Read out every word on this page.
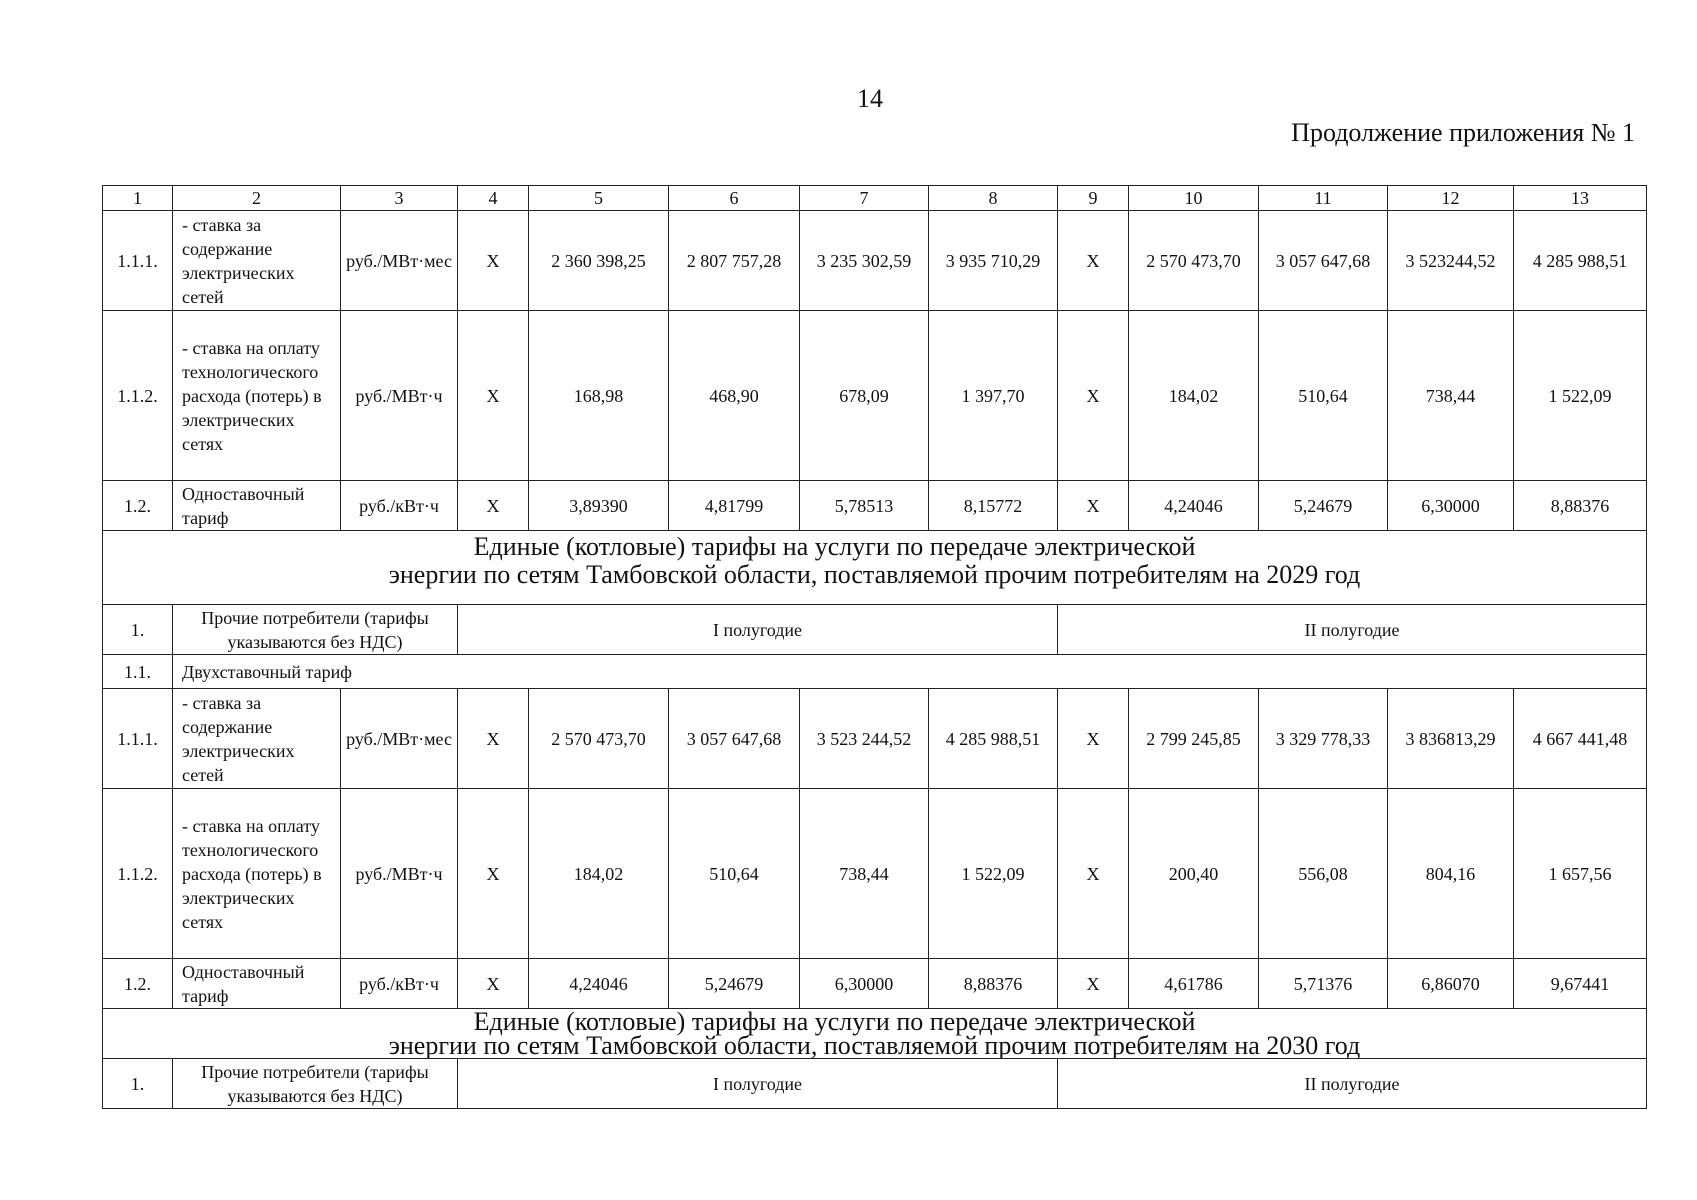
14
Продолжение приложения № 1
1	2	3	4	5	6	7	8	9	10	11	12	13
1.1.1.	- ставка за содержание электрических сетей	руб./МВт·мес	Х	2 360 398,25	2 807 757,28	3 235 302,59	3 935 710,29	Х	2 570 473,70	3 057 647,68	3 523244,52	4 285 988,51
1.1.2.	- ставка на оплату технологического расхода (потерь) в электрических сетях	руб./МВт·ч	Х	168,98	468,90	678,09	1 397,70	Х	184,02	510,64	738,44	1 522,09
1.2.	Одноставочный тариф	руб./кВт·ч	Х	3,89390	4,81799	5,78513	8,15772	Х	4,24046	5,24679	6,30000	8,88376

Единые (котловые) тарифы на услуги по передаче электрической
энергии по сетям Тамбовской области, поставляемой прочим потребителям на 2029 год												

1.	Прочие потребители (тарифы указываются без НДС)		I полугодие					II полугодие				
1.1.	Двухставочный тариф											
1.1.1.	- ставка за содержание электрических сетей	руб./МВт·мес	Х	2 570 473,70	3 057 647,68	3 523 244,52	4 285 988,51	Х	2 799 245,85	3 329 778,33	3 836813,29	4 667 441,48
1.1.2.	- ставка на оплату технологического расхода (потерь) в электрических сетях	руб./МВт·ч	Х	184,02	510,64	738,44	1 522,09	Х	200,40	556,08	804,16	1 657,56
1.2.	Одноставочный тариф	руб./кВт·ч	Х	4,24046	5,24679	6,30000	8,88376	Х	4,61786	5,71376	6,86070	9,67441

Единые (котловые) тарифы на услуги по передаче электрической
энергии по сетям Тамбовской области, поставляемой прочим потребителям на 2030 год												

1.	Прочие потребители (тарифы указываются без НДС)		I полугодие					II полугодие				
